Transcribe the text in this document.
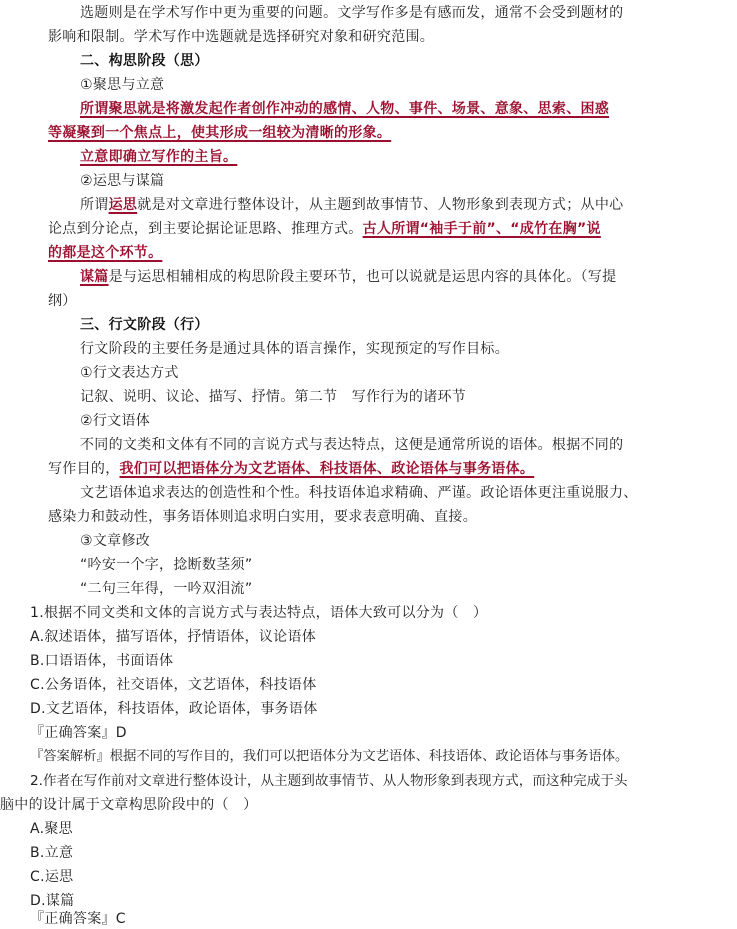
选题则是在学术写作中更为重要的问题。文学写作多是有感而发，通常不会受到题材的
影响和限制。学术写作中选题就是选择研究对象和研究范围。
二、构思阶段（思）
①聚思与立意
所谓聚思就是将激发起作者创作冲动的感情、人物、事件、场景、意象、思索、困惑
等凝聚到一个焦点上，使其形成一组较为清晰的形象。
立意即确立写作的主旨。
②运思与谋篇
所谓运思就是对文章进行整体设计，从主题到故事情节、人物形象到表现方式；从中心
论点到分论点，到主要论据论证思路、推理方式。古人所谓“袖手于前”、“成竹在胸”说
的都是这个环节。
谋篇是与运思相辅相成的构思阶段主要环节，也可以说就是运思内容的具体化。（写提
纲）
三、行文阶段（行）
行文阶段的主要任务是通过具体的语言操作，实现预定的写作目标。
①行文表达方式
记叙、说明、议论、描写、抒情。第二节　写作行为的诸环节
②行文语体
不同的文类和文体有不同的言说方式与表达特点，这便是通常所说的语体。根据不同的
写作目的，我们可以把语体分为文艺语体、科技语体、政论语体与事务语体。
文艺语体追求表达的创造性和个性。科技语体追求精确、严谨。政论语体更注重说服力、
感染力和鼓动性，事务语体则追求明白实用，要求表意明确、直接。
③文章修改
“吟安一个字，捻断数茎须”
“二句三年得，一吟双泪流”
1.根据不同文类和文体的言说方式与表达特点，语体大致可以分为（　）
A.叙述语体，描写语体，抒情语体，议论语体
B.口语语体，书面语体
C.公务语体，社交语体，文艺语体，科技语体
D.文艺语体，科技语体，政论语体，事务语体
『正确答案』D
『答案解析』根据不同的写作目的，我们可以把语体分为文艺语体、科技语体、政论语体与事务语体。
2.作者在写作前对文章进行整体设计，从主题到故事情节、从人物形象到表现方式，而这种完成于头
脑中的设计属于文章构思阶段中的（　）
A.聚思
B.立意
C.运思
D.谋篇
『正确答案』C
